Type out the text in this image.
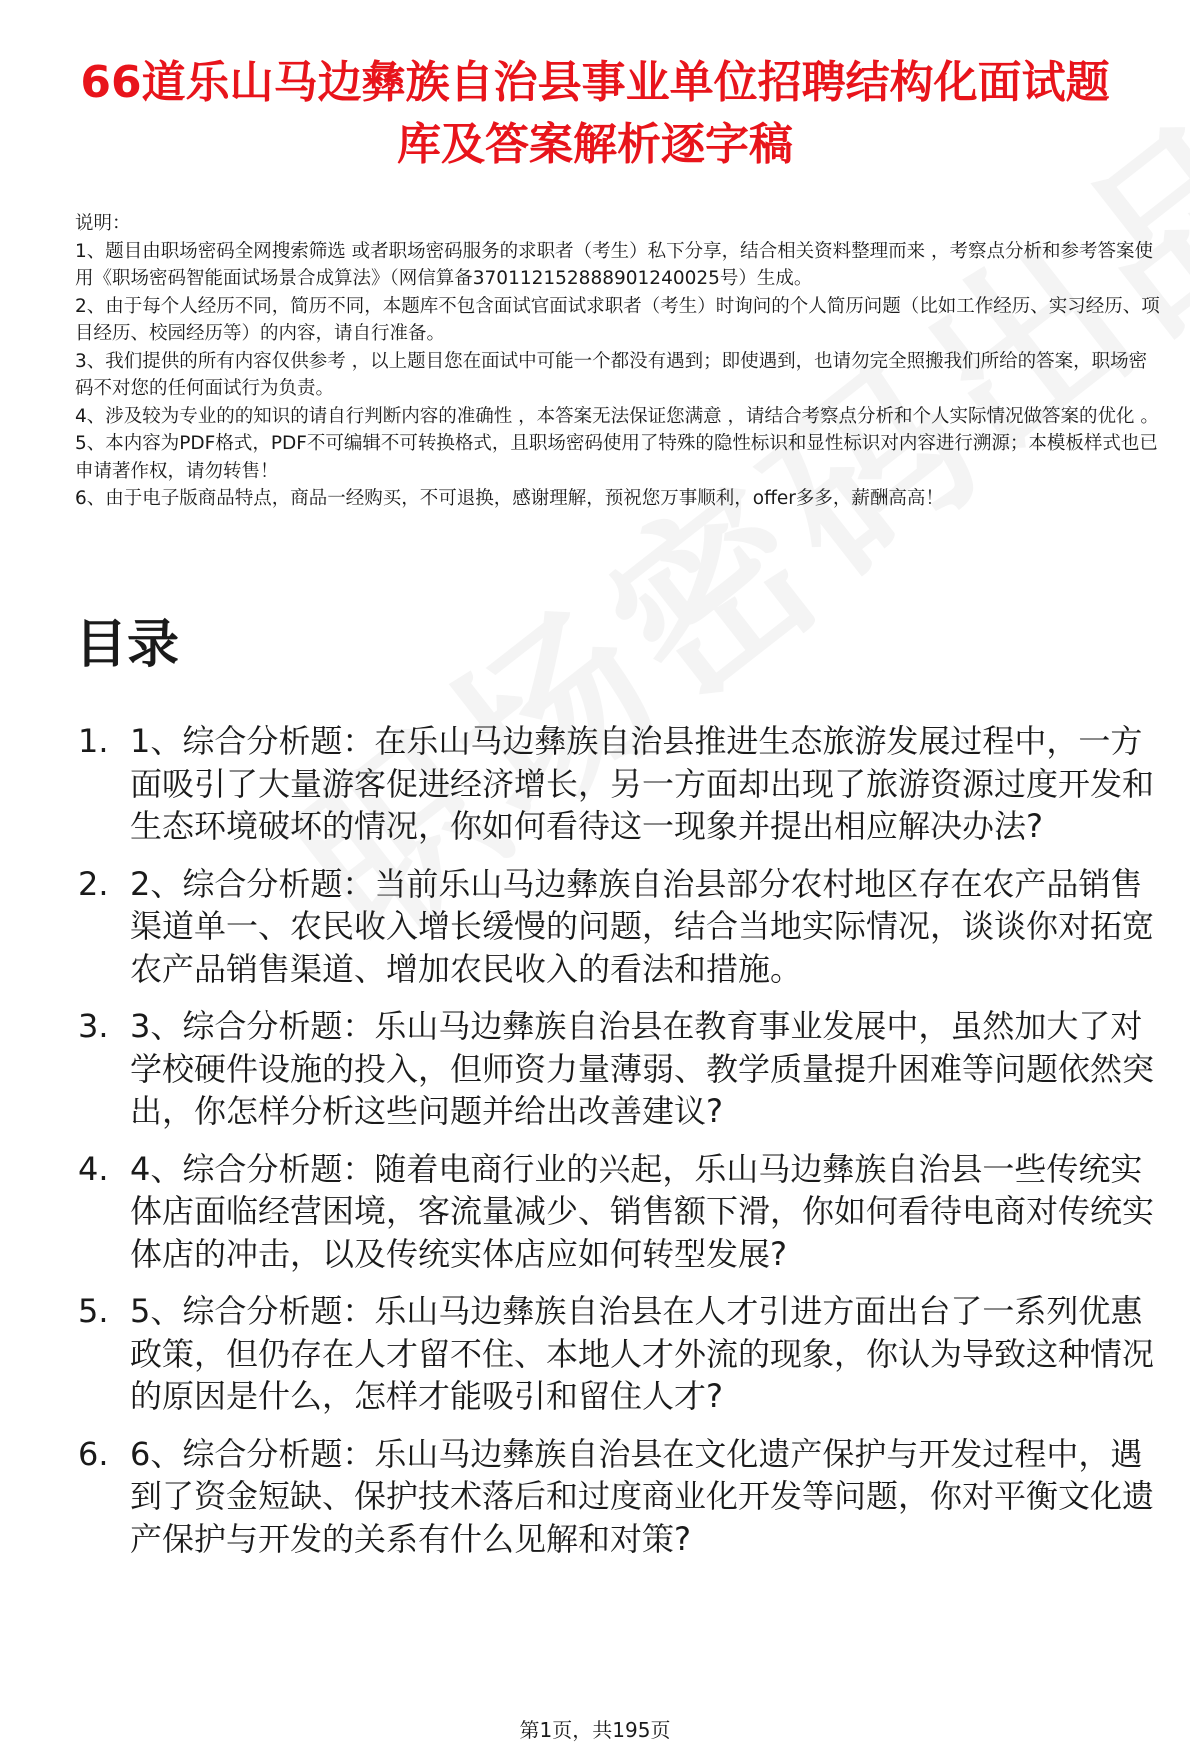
66道乐山马边彝族自治县事业单位招聘结构化面试题库及答案解析逐字稿

说明：

1、题目由职场密码全网搜索筛选 或者职场密码服务的求职者（考生）私下分享，结合相关资料整理而来 ，考察点分析和参考答案使用《职场密码智能面试场景合成算法》（网信算备370112152888901240025号）生成。

2、由于每个人经历不同，简历不同，本题库不包含面试官面试求职者（考生）时询问的个人简历问题（比如工作经历、实习经历、项目经历、校园经历等）的内容，请自行准备。

3、我们提供的所有内容仅供参考 ，以上题目您在面试中可能一个都没有遇到；即使遇到，也请勿完全照搬我们所给的答案，职场密码不对您的任何面试行为负责。

4、涉及较为专业的的知识的请自行判断内容的准确性 ，本答案无法保证您满意 ，请结合考察点分析和个人实际情况做答案的优化 。

5、本内容为PDF格式，PDF不可编辑不可转换格式，且职场密码使用了特殊的隐性标识和显性标识对内容进行溯源；本模板样式也已申请著作权，请勿转售！

6、由于电子版商品特点，商品一经购买，不可退换，感谢理解，预祝您万事顺利，offer多多，薪酬高高！

目录
1. 1、综合分析题：在乐山马边彝族自治县推进生态旅游发展过程中，一方面吸引了大量游客促进经济增长，另一方面却出现了旅游资源过度开发和生态环境破坏的情况，你如何看待这一现象并提出相应解决办法?
2. 2、综合分析题：当前乐山马边彝族自治县部分农村地区存在农产品销售渠道单一、农民收入增长缓慢的问题，结合当地实际情况，谈谈你对拓宽农产品销售渠道、增加农民收入的看法和措施。
3. 3、综合分析题：乐山马边彝族自治县在教育事业发展中，虽然加大了对学校硬件设施的投入，但师资力量薄弱、教学质量提升困难等问题依然突出，你怎样分析这些问题并给出改善建议?
4. 4、综合分析题：随着电商行业的兴起，乐山马边彝族自治县一些传统实体店面临经营困境，客流量减少、销售额下滑，你如何看待电商对传统实体店的冲击，以及传统实体店应如何转型发展?
5. 5、综合分析题：乐山马边彝族自治县在人才引进方面出台了一系列优惠政策，但仍存在人才留不住、本地人才外流的现象，你认为导致这种情况的原因是什么，怎样才能吸引和留住人才?
6. 6、综合分析题：乐山马边彝族自治县在文化遗产保护与开发过程中，遇到了资金短缺、保护技术落后和过度商业化开发等问题，你对平衡文化遗产保护与开发的关系有什么见解和对策?
第1页，共195页
